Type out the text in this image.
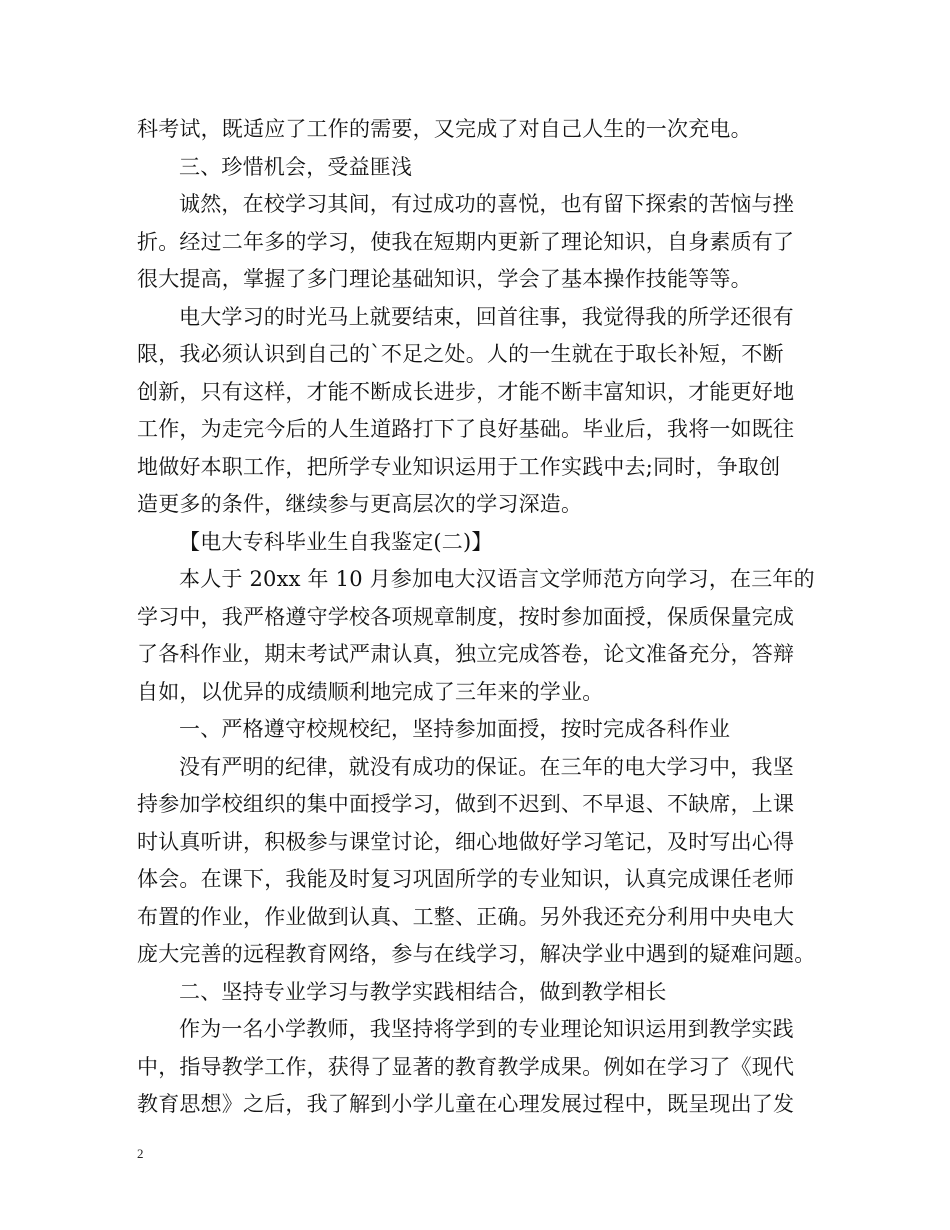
科考试，既适应了工作的需要，又完成了对自己人生的一次充电。
三、珍惜机会，受益匪浅
诚然，在校学习其间，有过成功的喜悦，也有留下探索的苦恼与挫
折。经过二年多的学习，使我在短期内更新了理论知识，自身素质有了
很大提高，掌握了多门理论基础知识，学会了基本操作技能等等。
电大学习的时光马上就要结束，回首往事，我觉得我的所学还很有
限，我必须认识到自己的`不足之处。人的一生就在于取长补短，不断
创新，只有这样，才能不断成长进步，才能不断丰富知识，才能更好地
工作，为走完今后的人生道路打下了良好基础。毕业后，我将一如既往
地做好本职工作，把所学专业知识运用于工作实践中去;同时，争取创
造更多的条件，继续参与更高层次的学习深造。
【电大专科毕业生自我鉴定(二)】
本人于 20xx 年 10 月参加电大汉语言文学师范方向学习，在三年的
学习中，我严格遵守学校各项规章制度，按时参加面授，保质保量完成
了各科作业，期末考试严肃认真，独立完成答卷，论文准备充分，答辩
自如，以优异的成绩顺利地完成了三年来的学业。
一、严格遵守校规校纪，坚持参加面授，按时完成各科作业
没有严明的纪律，就没有成功的保证。在三年的电大学习中，我坚
持参加学校组织的集中面授学习，做到不迟到、不早退、不缺席，上课
时认真听讲，积极参与课堂讨论，细心地做好学习笔记，及时写出心得
体会。在课下，我能及时复习巩固所学的专业知识，认真完成课任老师
布置的作业，作业做到认真、工整、正确。另外我还充分利用中央电大
庞大完善的远程教育网络，参与在线学习，解决学业中遇到的疑难问题。
二、坚持专业学习与教学实践相结合，做到教学相长
作为一名小学教师，我坚持将学到的专业理论知识运用到教学实践
中，指导教学工作，获得了显著的教育教学成果。例如在学习了《现代
教育思想》之后，我了解到小学儿童在心理发展过程中，既呈现出了发
2
